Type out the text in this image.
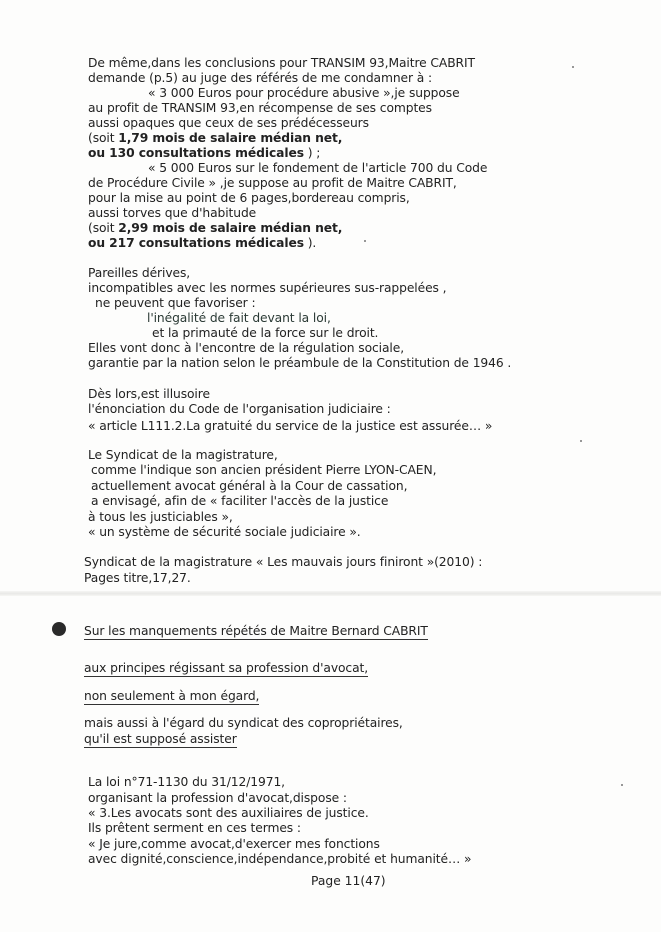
De même,dans les conclusions pour TRANSIM 93,Maitre CABRIT
demande (p.5) au juge des référés de me condamner à :
« 3 000 Euros pour procédure abusive »,je suppose
au profit de TRANSIM 93,en récompense de ses comptes
aussi opaques que ceux de ses prédécesseurs
(soit 1,79 mois de salaire médian net,
ou 130 consultations médicales ) ;
« 5 000 Euros sur le fondement de l'article 700 du Code
de Procédure Civile » ,je suppose au profit de Maitre CABRIT,
pour la mise au point de 6 pages,bordereau compris,
aussi torves que d'habitude
(soit 2,99 mois de salaire médian net,
ou 217 consultations médicales ).
Pareilles dérives,
incompatibles avec les normes supérieures sus-rappelées ,
ne peuvent que favoriser :
l'inégalité de fait devant la loi,
et la primauté de la force sur le droit.
Elles vont donc à l'encontre de la régulation sociale,
garantie par la nation selon le préambule de la Constitution de 1946 .
Dès lors,est illusoire
l'énonciation du Code de l'organisation judiciaire :
« article L111.2.La gratuité du service de la justice est assurée… »
Le Syndicat de la magistrature,
comme l'indique son ancien président Pierre LYON-CAEN,
actuellement avocat général à la Cour de cassation,
a envisagé, afin de « faciliter l'accès de la justice
à tous les justiciables »,
« un système de sécurité sociale judiciaire ».
Syndicat de la magistrature « Les mauvais jours finiront »(2010) :
Pages titre,17,27.
Sur les manquements répétés de Maitre Bernard CABRIT
aux principes régissant sa profession d'avocat,
non seulement à mon égard,
mais aussi à l'égard du syndicat des copropriétaires,
qu'il est supposé assister
La loi n°71-1130 du 31/12/1971,
organisant la profession d'avocat,dispose :
« 3.Les avocats sont des auxiliaires de justice.
Ils prêtent serment en ces termes :
« Je jure,comme avocat,d'exercer mes fonctions
avec dignité,conscience,indépendance,probité et humanité… »
Page 11(47)
